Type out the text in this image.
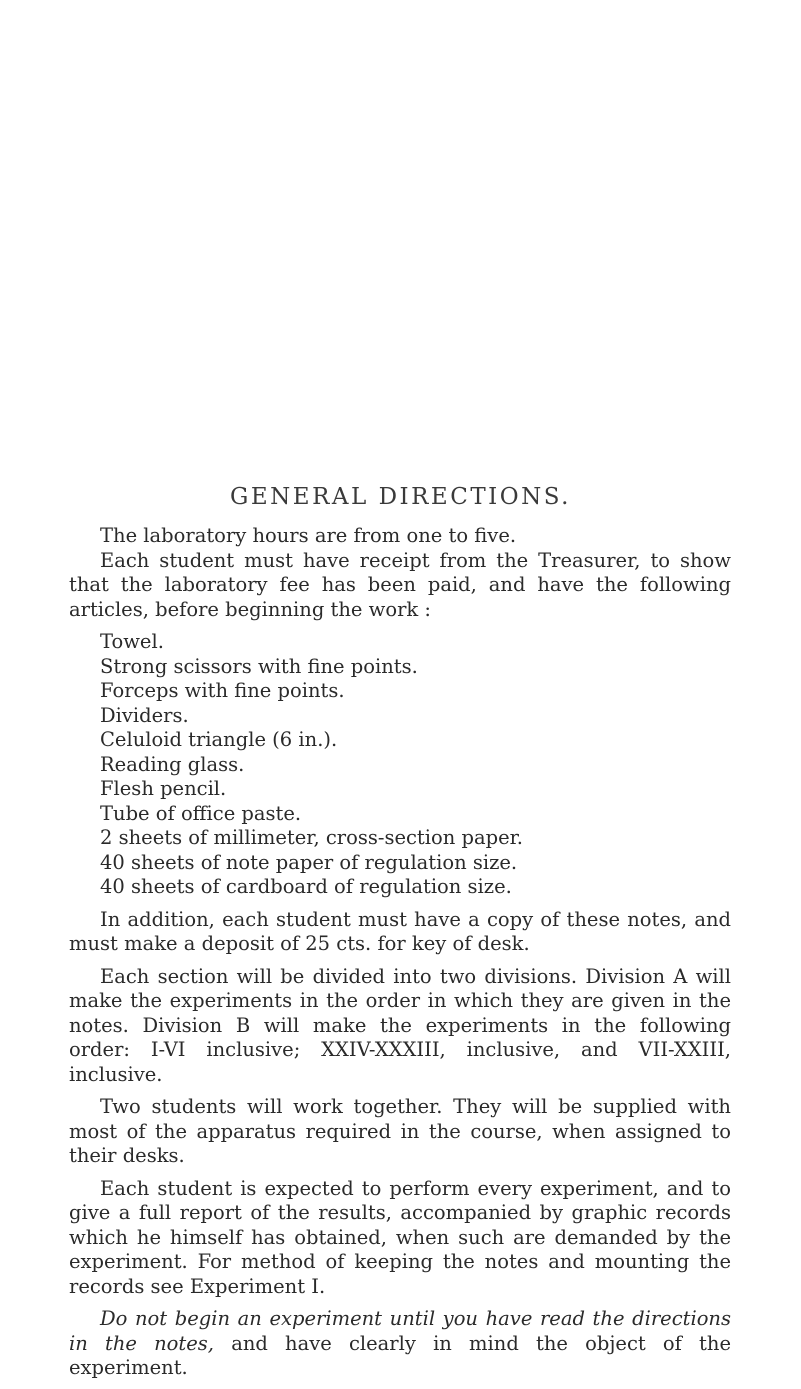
GENERAL DIRECTIONS.

The laboratory hours are from one to five.

Each student must have receipt from the Treasurer, to show that the laboratory fee has been paid, and have the following articles, before beginning the work :

Towel.
Strong scissors with fine points.
Forceps with fine points.
Dividers.
Celuloid triangle (6 in.).
Reading glass.
Flesh pencil.
Tube of office paste.
2 sheets of millimeter, cross-section paper.
40 sheets of note paper of regulation size.
40 sheets of cardboard of regulation size.

In addition, each student must have a copy of these notes, and must make a deposit of 25 cts. for key of desk.

Each section will be divided into two divisions. Division A will make the experiments in the order in which they are given in the notes. Division B will make the experiments in the following order: I-VI inclusive; XXIV-XXXIII, inclusive, and VII-XXIII, inclusive.

Two students will work together. They will be supplied with most of the apparatus required in the course, when assigned to their desks.

Each student is expected to perform every experiment, and to give a full report of the results, accompanied by graphic records which he himself has obtained, when such are demanded by the experiment. For method of keeping the notes and mounting the records see Experiment I.

Do not begin an experiment until you have read the directions in the notes, and have clearly in mind the object of the experiment.
